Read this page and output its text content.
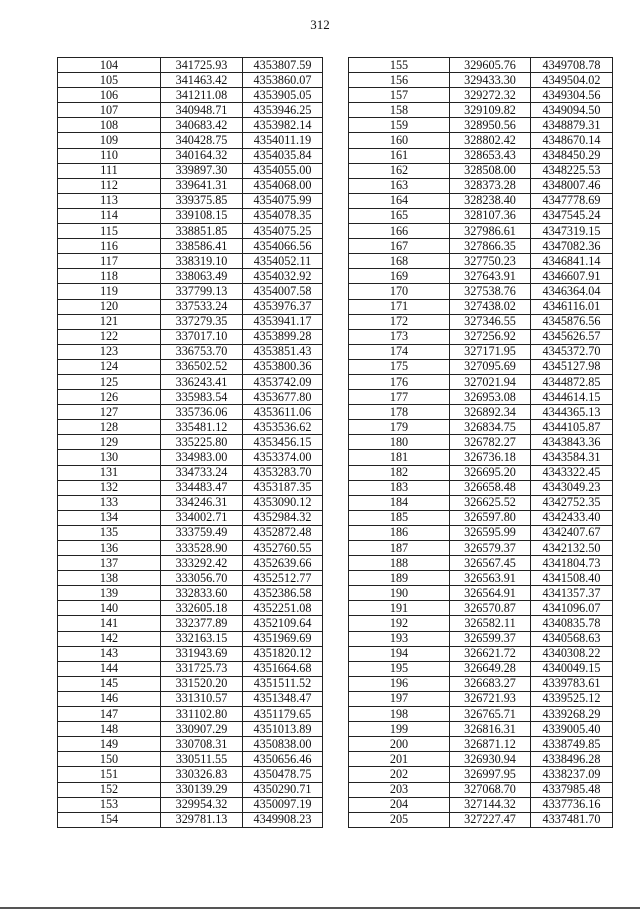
312
104	341725.93	4353807.59
105	341463.42	4353860.07
106	341211.08	4353905.05
107	340948.71	4353946.25
108	340683.42	4353982.14
109	340428.75	4354011.19
110	340164.32	4354035.84
111	339897.30	4354055.00
112	339641.31	4354068.00
113	339375.85	4354075.99
114	339108.15	4354078.35
115	338851.85	4354075.25
116	338586.41	4354066.56
117	338319.10	4354052.11
118	338063.49	4354032.92
119	337799.13	4354007.58
120	337533.24	4353976.37
121	337279.35	4353941.17
122	337017.10	4353899.28
123	336753.70	4353851.43
124	336502.52	4353800.36
125	336243.41	4353742.09
126	335983.54	4353677.80
127	335736.06	4353611.06
128	335481.12	4353536.62
129	335225.80	4353456.15
130	334983.00	4353374.00
131	334733.24	4353283.70
132	334483.47	4353187.35
133	334246.31	4353090.12
134	334002.71	4352984.32
135	333759.49	4352872.48
136	333528.90	4352760.55
137	333292.42	4352639.66
138	333056.70	4352512.77
139	332833.60	4352386.58
140	332605.18	4352251.08
141	332377.89	4352109.64
142	332163.15	4351969.69
143	331943.69	4351820.12
144	331725.73	4351664.68
145	331520.20	4351511.52
146	331310.57	4351348.47
147	331102.80	4351179.65
148	330907.29	4351013.89
149	330708.31	4350838.00
150	330511.55	4350656.46
151	330326.83	4350478.75
152	330139.29	4350290.71
153	329954.32	4350097.19
154	329781.13	4349908.23
155	329605.76	4349708.78
156	329433.30	4349504.02
157	329272.32	4349304.56
158	329109.82	4349094.50
159	328950.56	4348879.31
160	328802.42	4348670.14
161	328653.43	4348450.29
162	328508.00	4348225.53
163	328373.28	4348007.46
164	328238.40	4347778.69
165	328107.36	4347545.24
166	327986.61	4347319.15
167	327866.35	4347082.36
168	327750.23	4346841.14
169	327643.91	4346607.91
170	327538.76	4346364.04
171	327438.02	4346116.01
172	327346.55	4345876.56
173	327256.92	4345626.57
174	327171.95	4345372.70
175	327095.69	4345127.98
176	327021.94	4344872.85
177	326953.08	4344614.15
178	326892.34	4344365.13
179	326834.75	4344105.87
180	326782.27	4343843.36
181	326736.18	4343584.31
182	326695.20	4343322.45
183	326658.48	4343049.23
184	326625.52	4342752.35
185	326597.80	4342433.40
186	326595.99	4342407.67
187	326579.37	4342132.50
188	326567.45	4341804.73
189	326563.91	4341508.40
190	326564.91	4341357.37
191	326570.87	4341096.07
192	326582.11	4340835.78
193	326599.37	4340568.63
194	326621.72	4340308.22
195	326649.28	4340049.15
196	326683.27	4339783.61
197	326721.93	4339525.12
198	326765.71	4339268.29
199	326816.31	4339005.40
200	326871.12	4338749.85
201	326930.94	4338496.28
202	326997.95	4338237.09
203	327068.70	4337985.48
204	327144.32	4337736.16
205	327227.47	4337481.70
